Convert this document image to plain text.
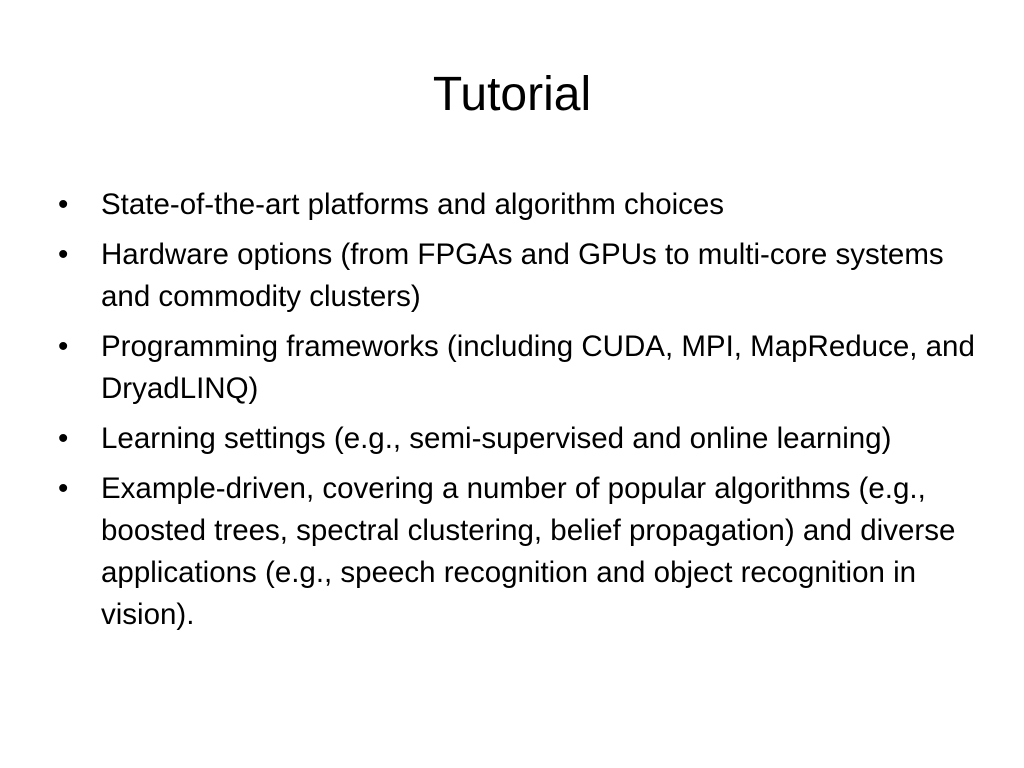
Tutorial
•	State-of-the-art platforms and algorithm choices
•	Hardware options (from FPGAs and GPUs to multi-core systems and commodity clusters)
•	Programming frameworks (including CUDA, MPI, MapReduce, and DryadLINQ)
•	Learning settings (e.g., semi-supervised and online learning)
•	Example-driven, covering a number of popular algorithms (e.g., boosted trees, spectral clustering, belief propagation) and diverse applications (e.g., speech recognition and object recognition in vision).
